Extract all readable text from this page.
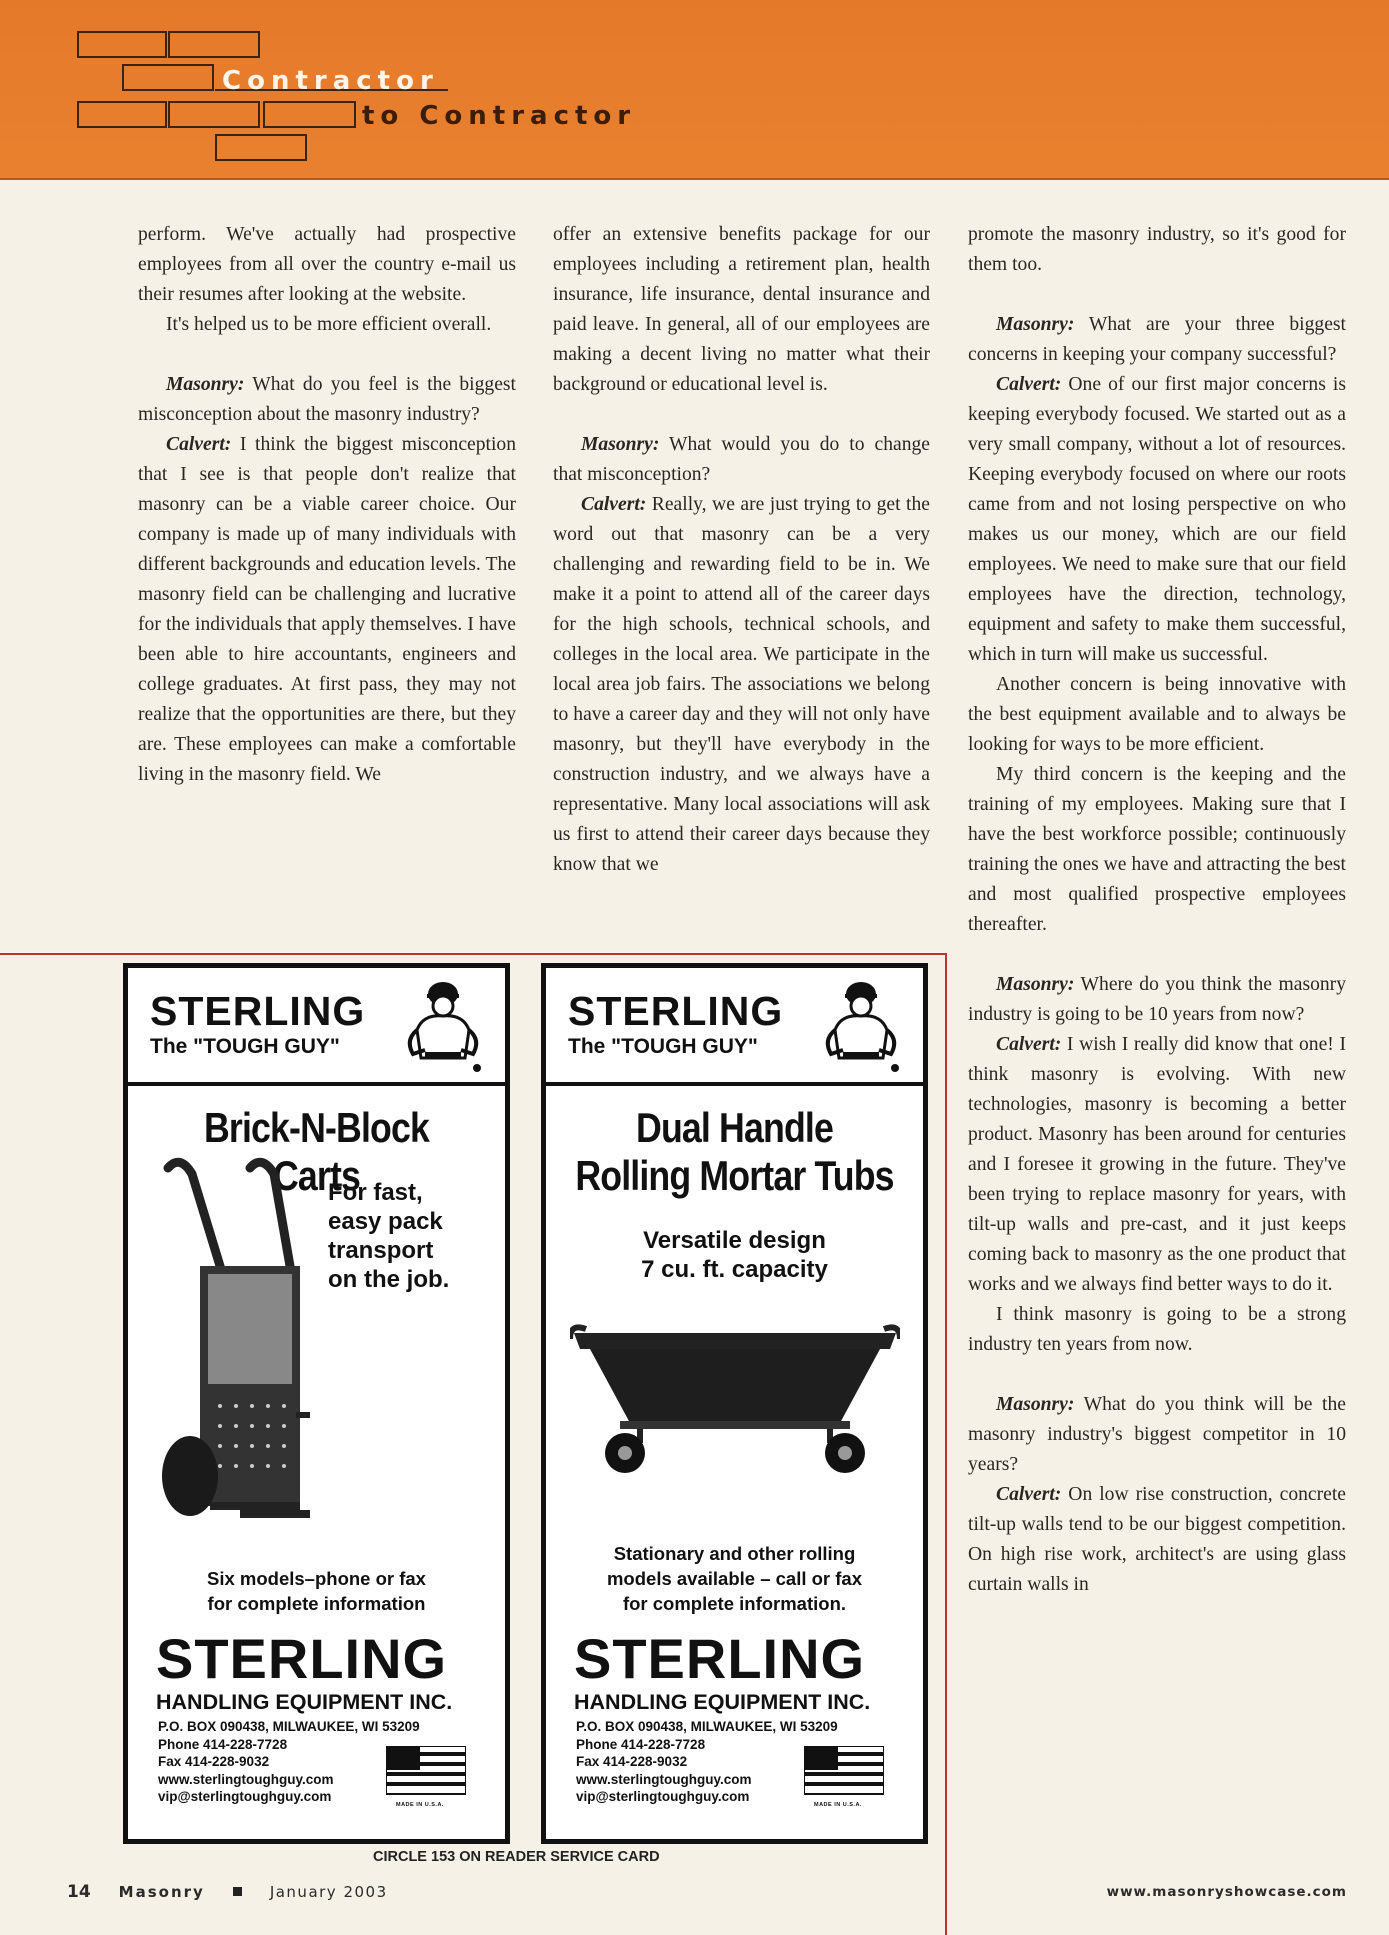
Contractor
to Contractor

perform. We've actually had prospective employees from all over the country e-mail us their resumes after looking at the website.

It's helped us to be more efficient overall.

Masonry: What do you feel is the biggest misconception about the masonry industry?

Calvert: I think the biggest misconception that I see is that people don't realize that masonry can be a viable career choice. Our company is made up of many individuals with different backgrounds and education levels. The masonry field can be challenging and lucrative for the individuals that apply themselves. I have been able to hire accountants, engineers and college graduates. At first pass, they may not realize that the opportunities are there, but they are. These employees can make a comfortable living in the masonry field. We

offer an extensive benefits package for our employees including a retirement plan, health insurance, life insurance, dental insurance and paid leave. In general, all of our employees are making a decent living no matter what their background or educational level is.

Masonry: What would you do to change that misconception?

Calvert: Really, we are just trying to get the word out that masonry can be a very challenging and rewarding field to be in. We make it a point to attend all of the career days for the high schools, technical schools, and colleges in the local area. We participate in the local area job fairs. The associations we belong to have a career day and they will not only have masonry, but they'll have everybody in the construction industry, and we always have a representative. Many local associations will ask us first to attend their career days because they know that we

promote the masonry industry, so it's good for them too.

Masonry: What are your three biggest concerns in keeping your company successful?

Calvert: One of our first major concerns is keeping everybody focused. We started out as a very small company, without a lot of resources. Keeping everybody focused on where our roots came from and not losing perspective on who makes us our money, which are our field employees. We need to make sure that our field employees have the direction, technology, equipment and safety to make them successful, which in turn will make us successful.

Another concern is being innovative with the best equipment available and to always be looking for ways to be more efficient.

My third concern is the keeping and the training of my employees. Making sure that I have the best workforce possible; continuously training the ones we have and attracting the best and most qualified prospective employees thereafter.

Masonry: Where do you think the masonry industry is going to be 10 years from now?

Calvert: I wish I really did know that one! I think masonry is evolving. With new technologies, masonry is becoming a better product. Masonry has been around for centuries and I foresee it growing in the future. They've been trying to replace masonry for years, with tilt-up walls and pre-cast, and it just keeps coming back to masonry as the one product that works and we always find better ways to do it.

I think masonry is going to be a strong industry ten years from now.

Masonry: What do you think will be the masonry industry's biggest competitor in 10 years?

Calvert: On low rise construction, concrete tilt-up walls tend to be our biggest competition. On high rise work, architect's are using glass curtain walls in

STERLING
The "TOUGH GUY"
Brick-N-Block Carts
For fast,
easy pack
transport
on the job.
Six models–phone or fax
for complete information
STERLING
HANDLING EQUIPMENT INC.
P.O. BOX 090438, MILWAUKEE, WI 53209
Phone 414-228-7728
Fax 414-228-9032
www.sterlingtoughguy.com
vip@sterlingtoughguy.com
MADE IN U.S.A.
STERLING
The "TOUGH GUY"
Dual Handle
Rolling Mortar Tubs
Versatile design
7 cu. ft. capacity
Stationary and other rolling
models available – call or fax
for complete information.
STERLING
HANDLING EQUIPMENT INC.
P.O. BOX 090438, MILWAUKEE, WI 53209
Phone 414-228-7728
Fax 414-228-9032
www.sterlingtoughguy.com
vip@sterlingtoughguy.com
MADE IN U.S.A.
CIRCLE 153 ON READER SERVICE CARD
14 Masonry	January 2003	www.masonryshowcase.com
